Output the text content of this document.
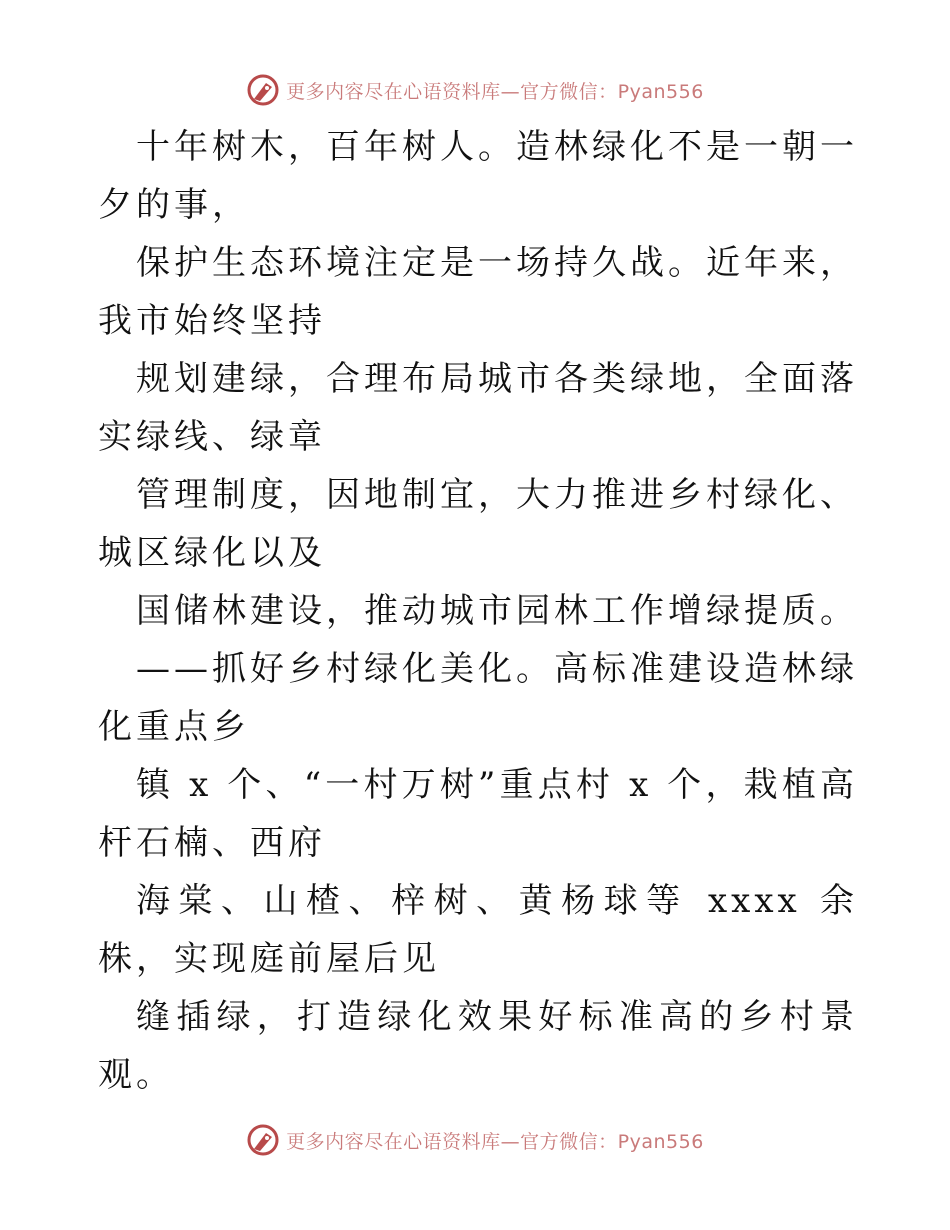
更多内容尽在心语资料库—官方微信：Pyan556

十年树木，百年树人。造林绿化不是一朝一夕的事，

保护生态环境注定是一场持久战。近年来，我市始终坚持

规划建绿，合理布局城市各类绿地，全面落实绿线、绿章

管理制度，因地制宜，大力推进乡村绿化、城区绿化以及

国储林建设，推动城市园林工作增绿提质。

——抓好乡村绿化美化。高标准建设造林绿化重点乡

镇 x 个、“一村万树”重点村 x 个，栽植高杆石楠、西府

海棠、山楂、梓树、黄杨球等 xxxx 余株，实现庭前屋后见

缝插绿，打造绿化效果好标准高的乡村景观。

更多内容尽在心语资料库—官方微信：Pyan556
